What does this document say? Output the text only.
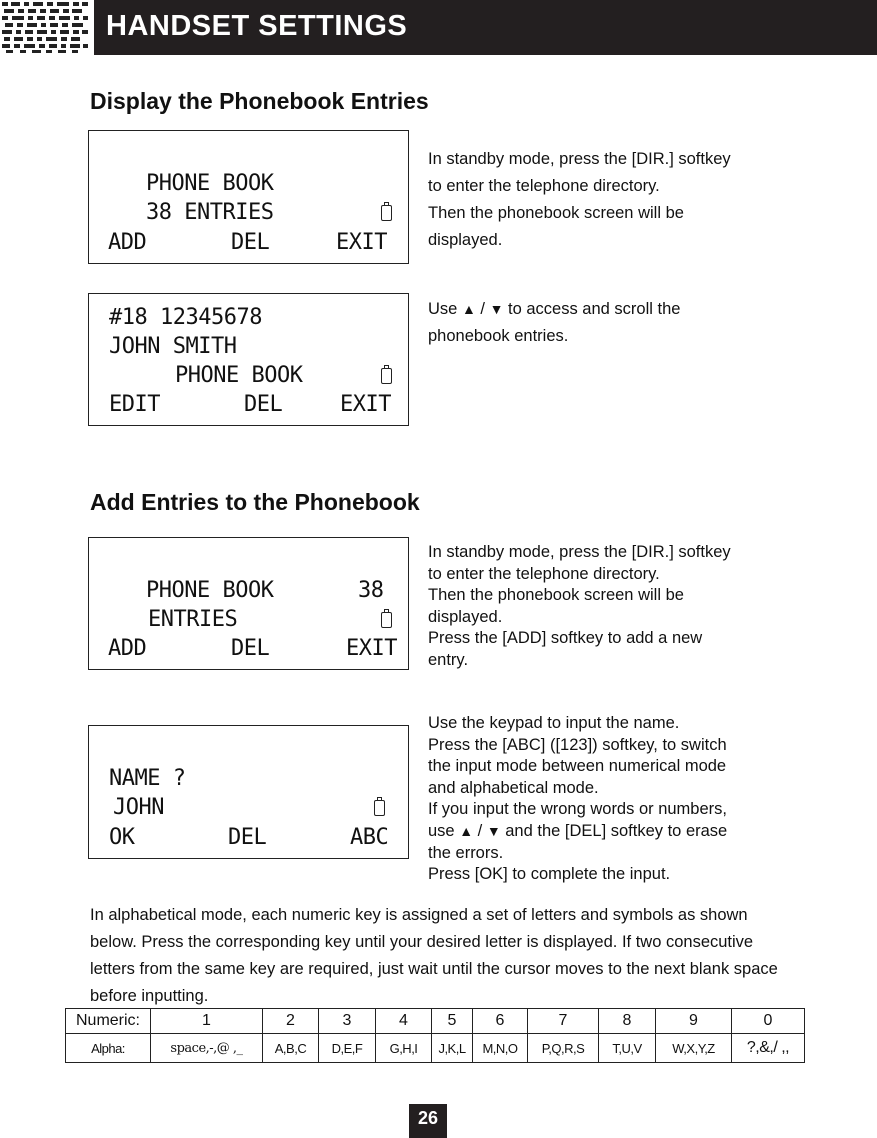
HANDSET SETTINGS
Display the Phonebook Entries
PHONE BOOK
38 ENTRIES
ADD	DEL	EXIT

In standby mode, press the [DIR.] softkey

to enter the telephone directory.

Then the phonebook screen will be

displayed.

#18 12345678
JOHN SMITH
PHONE BOOK
EDIT	DEL	EXIT

Use ▲ / ▼ to access and scroll the

phonebook entries.

Add Entries to the Phonebook
PHONE BOOK	38
ENTRIES
ADD	DEL	EXIT

In standby mode, press the [DIR.] softkey

to enter the telephone directory.

Then the phonebook screen will be

displayed.

Press the [ADD] softkey to add a new

entry.

NAME ?
JOHN
OK	DEL	ABC

Use the keypad to input the name.

Press the [ABC] ([123]) softkey, to switch

the input mode between numerical mode

and alphabetical mode.

If you input the wrong words or numbers,

use ▲ / ▼ and the [DEL] softkey to erase

the errors.

Press [OK] to complete the input.

In alphabetical mode, each numeric key is assigned a set of letters and symbols as shown below. Press the corresponding key until your desired letter is displayed. If two consecutive letters from the same key are required, just wait until the cursor moves to the next blank space before inputting.
Numeric:	1	2	3	4	5	6	7	8	9	0
Alpha:	space,-,@ ,_	A,B,C	D,E,F	G,H,I	J,K,L	M,N,O	P,Q,R,S	T,U,V	W,X,Y,Z	?,&,/ ,,
26
